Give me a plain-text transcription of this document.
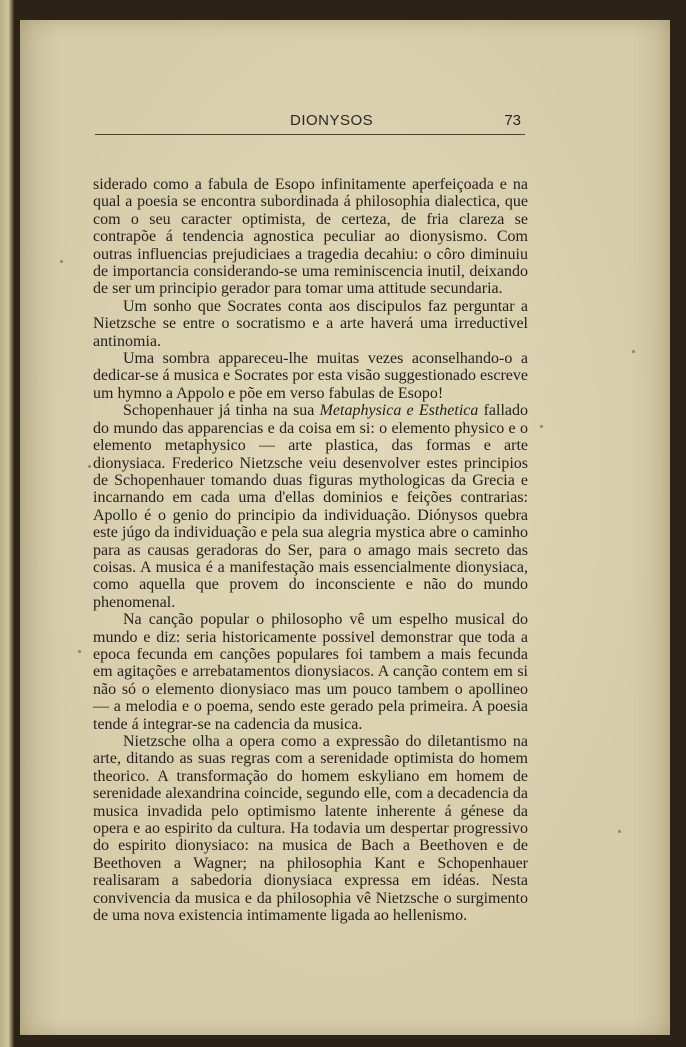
DIONYSOS	73

siderado como a fabula de Esopo infinitamente aperfeiçoada e na qual a poesia se encontra subordinada á philosophia dialectica, que com o seu caracter optimista, de certeza, de fria clareza se contrapõe á tendencia agnostica peculiar ao dionysismo. Com outras influencias prejudiciaes a tragedia decahiu: o côro diminuiu de importancia considerando-se uma reminiscencia inutil, deixando de ser um principio gerador para tomar uma attitude secundaria.

Um sonho que Socrates conta aos discipulos faz perguntar a Nietzsche se entre o socratismo e a arte haverá uma irreductivel antinomia.

Uma sombra appareceu-lhe muitas vezes aconselhando-o a dedicar-se á musica e Socrates por esta visão suggestionado escreve um hymno a Appolo e põe em verso fabulas de Esopo!

Schopenhauer já tinha na sua Metaphysica e Esthetica fallado do mundo das apparencias e da coisa em si: o elemento physico e o elemento metaphysico — arte plastica, das formas e arte dionysiaca. Frederico Nietzsche veiu desenvolver estes principios de Schopenhauer tomando duas figuras mythologicas da Grecia e incarnando em cada uma d'ellas dominios e feições contrarias: Apollo é o genio do principio da individuação. Diónysos quebra este júgo da individuação e pela sua alegria mystica abre o caminho para as causas geradoras do Ser, para o amago mais secreto das coisas. A musica é a manifestação mais essencialmente dionysiaca, como aquella que provem do inconsciente e não do mundo phenomenal.

Na canção popular o philosopho vê um espelho musical do mundo e diz: seria historicamente possivel demonstrar que toda a epoca fecunda em canções populares foi tambem a mais fecunda em agitações e arrebatamentos dionysiacos. A canção contem em si não só o elemento dionysiaco mas um pouco tambem o apollineo — a melodia e o poema, sendo este gerado pela primeira. A poesia tende á integrar-se na cadencia da musica.

Nietzsche olha a opera como a expressão do diletantismo na arte, ditando as suas regras com a serenidade optimista do homem theorico. A transformação do homem eskyliano em homem de serenidade alexandrina coincide, segundo elle, com a decadencia da musica invadida pelo optimismo latente inherente á génese da opera e ao espirito da cultura. Ha todavia um despertar progressivo do espirito dionysiaco: na musica de Bach a Beethoven e de Beethoven a Wagner; na philosophia Kant e Schopenhauer realisaram a sabedoria dionysiaca expressa em idéas. Nesta convivencia da musica e da philosophia vê Nietzsche o surgimento de uma nova existencia intimamente ligada ao hellenismo.
